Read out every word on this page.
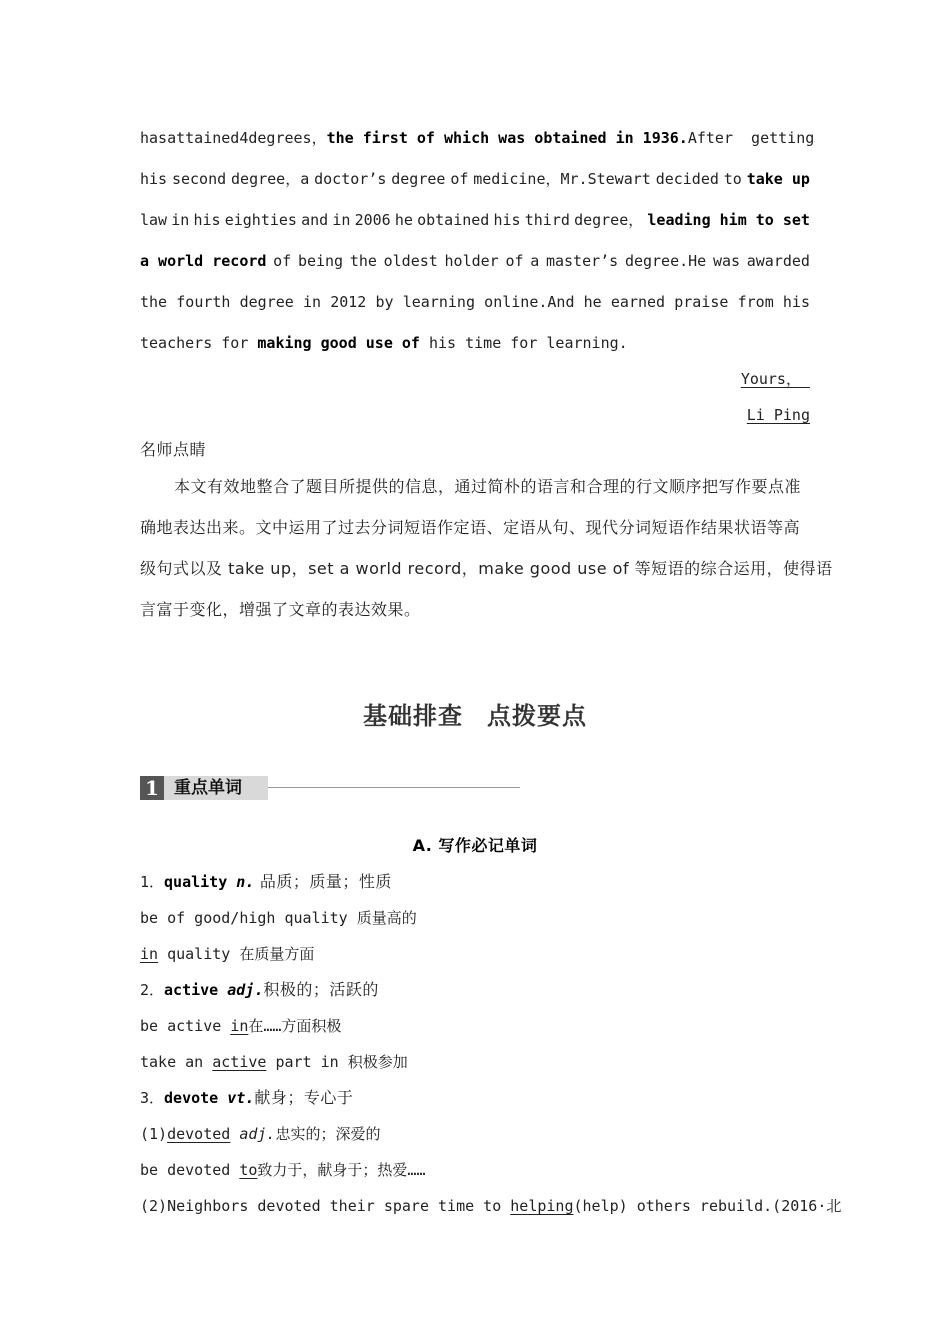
has attained 4 degrees， the first of which was obtained in 1936. After  getting
his second degree，a doctor’s degree of medicine，Mr.Stewart decided to take up
law in his eighties and in 2006 he obtained his third degree， leading him to set
a world record of being the oldest holder of a master’s degree.He was awarded
the fourth degree in 2012 by learning online.And he earned praise from his
teachers for making good use of his time for learning.
Yours，
Li Ping
名师点睛
本文有效地整合了题目所提供的信息，通过简朴的语言和合理的行文顺序把写作要点准
确地表达出来。文中运用了过去分词短语作定语、定语从句、现代分词短语作结果状语等高
级句式以及 take up，set a world record，make good use of 等短语的综合运用，使得语
言富于变化，增强了文章的表达效果。
基础排查 点拨要点
1 重点单词
A. 写作必记单词
1．quality n. 品质；质量；性质
be of good/high quality 质量高的
in quality 在质量方面
2．active adj.积极的；活跃的
be active in在……方面积极
take an active part in 积极参加
3．devote vt.献身；专心于
(1)devoted adj.忠实的；深爱的
be devoted to致力于，献身于；热爱……
(2)Neighbors devoted their spare time to helping(help) others rebuild.(2016·北
